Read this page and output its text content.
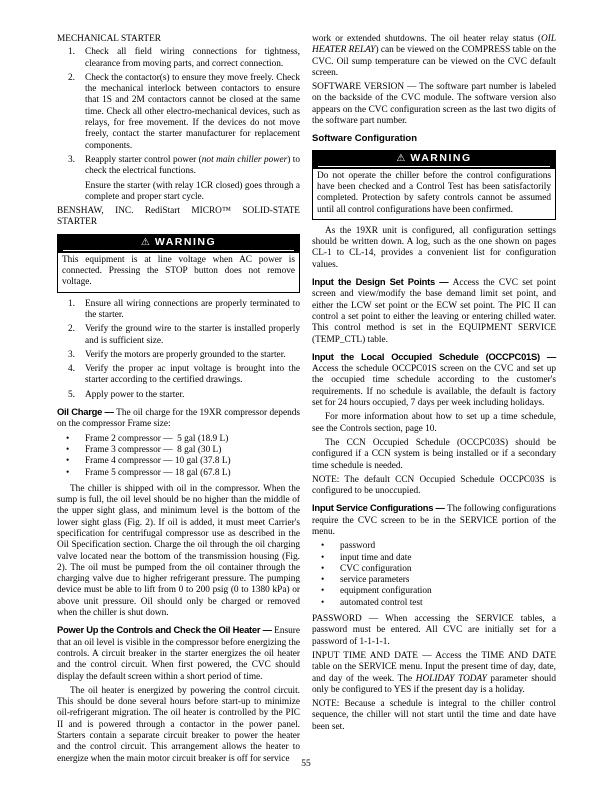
MECHANICAL STARTER
1.	Check all field wiring connections for tightness, clearance from moving parts, and correct connection.
2.	Check the contactor(s) to ensure they move freely. Check the mechanical interlock between contactors to ensure that 1S and 2M contactors cannot be closed at the same time. Check all other electro-mechanical devices, such as relays, for free movement. If the devices do not move freely, contact the starter manufacturer for replacement components.
3.	Reapply starter control power (not main chiller power) to check the electrical functions.
Ensure the starter (with relay 1CR closed) goes through a complete and proper start cycle.
BENSHAW, INC. RediStart MICRO™ SOLID-STATE STARTER
⚠ WARNING
This equipment is at line voltage when AC power is connected. Pressing the STOP button does not remove voltage.
1.	Ensure all wiring connections are properly terminated to the starter.
2.	Verify the ground wire to the starter is installed properly and is sufficient size.
3.	Verify the motors are properly grounded to the starter.
4.	Verify the proper ac input voltage is brought into the starter according to the certified drawings.
5.	Apply power to the starter.
Oil Charge — The oil charge for the 19XR compressor depends on the compressor Frame size:
•	Frame 2 compressor —  5 gal (18.9 L)
•	Frame 3 compressor —  8 gal (30 L)
•	Frame 4 compressor — 10 gal (37.8 L)
•	Frame 5 compressor — 18 gal (67.8 L)
The chiller is shipped with oil in the compressor. When the sump is full, the oil level should be no higher than the middle of the upper sight glass, and minimum level is the bottom of the lower sight glass (Fig. 2). If oil is added, it must meet Carrier's specification for centrifugal compressor use as described in the Oil Specification section. Charge the oil through the oil charging valve located near the bottom of the transmission housing (Fig. 2). The oil must be pumped from the oil container through the charging valve due to higher refrigerant pressure. The pumping device must be able to lift from 0 to 200 psig (0 to 1380 kPa) or above unit pressure. Oil should only be charged or removed when the chiller is shut down.
Power Up the Controls and Check the Oil Heater — Ensure that an oil level is visible in the compressor before energizing the controls. A circuit breaker in the starter energizes the oil heater and the control circuit. When first powered, the CVC should display the default screen within a short period of time.
The oil heater is energized by powering the control circuit. This should be done several hours before start-up to minimize oil-refrigerant migration. The oil heater is controlled by the PIC II and is powered through a contactor in the power panel. Starters contain a separate circuit breaker to power the heater and the control circuit. This arrangement allows the heater to energize when the main motor circuit breaker is off for service
work or extended shutdowns. The oil heater relay status (OIL HEATER RELAY) can be viewed on the COMPRESS table on the CVC. Oil sump temperature can be viewed on the CVC default screen.
SOFTWARE VERSION — The software part number is labeled on the backside of the CVC module. The software version also appears on the CVC configuration screen as the last two digits of the software part number.
Software Configuration
⚠ WARNING
Do not operate the chiller before the control configurations have been checked and a Control Test has been satisfactorily completed. Protection by safety controls cannot be assumed until all control configurations have been confirmed.
As the 19XR unit is configured, all configuration settings should be written down. A log, such as the one shown on pages CL-1 to CL-14, provides a convenient list for configuration values.
Input the Design Set Points — Access the CVC set point screen and view/modify the base demand limit set point, and either the LCW set point or the ECW set point. The PIC II can control a set point to either the leaving or entering chilled water. This control method is set in the EQUIPMENT SERVICE (TEMP_CTL) table.
Input the Local Occupied Schedule (OCCPC01S) — Access the schedule OCCPC01S screen on the CVC and set up the occupied time schedule according to the customer's requirements. If no schedule is available, the default is factory set for 24 hours occupied, 7 days per week including holidays.
For more information about how to set up a time schedule, see the Controls section, page 10.
The CCN Occupied Schedule (OCCPC03S) should be configured if a CCN system is being installed or if a secondary time schedule is needed.
NOTE: The default CCN Occupied Schedule OCCPC03S is configured to be unoccupied.
Input Service Configurations — The following configurations require the CVC screen to be in the SERVICE portion of the menu.
•	password
•	input time and date
•	CVC configuration
•	service parameters
•	equipment configuration
•	automated control test
PASSWORD — When accessing the SERVICE tables, a password must be entered. All CVC are initially set for a password of 1-1-1-1.
INPUT TIME AND DATE — Access the TIME AND DATE table on the SERVICE menu. Input the present time of day, date, and day of the week. The HOLIDAY TODAY parameter should only be configured to YES if the present day is a holiday.
NOTE: Because a schedule is integral to the chiller control sequence, the chiller will not start until the time and date have been set.
55
